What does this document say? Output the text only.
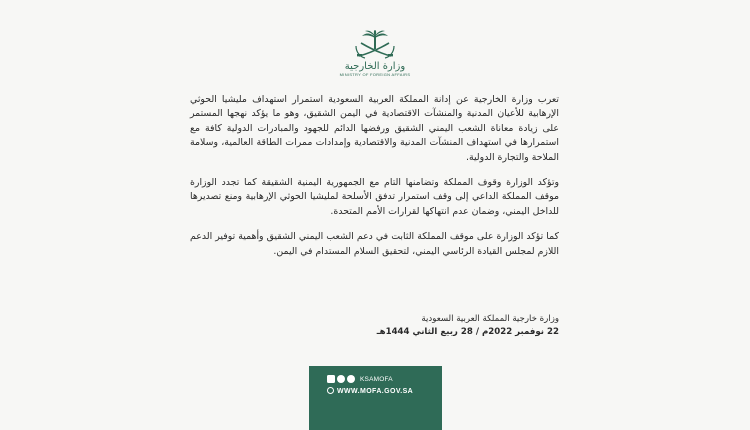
وزارة الخارجية
MINISTRY OF FOREIGN AFFAIRS

تعرب وزارة الخارجية عن إدانة المملكة العربية السعودية استمرار استهداف مليشيا الحوثي الإرهابية للأعيان المدنية والمنشآت الاقتصادية في اليمن الشقيق، وهو ما يؤكد نهجها المستمر على زيادة معاناة الشعب اليمني الشقيق ورفضها الدائم للجهود والمبادرات الدولية كافة مع استمرارها في استهداف المنشآت المدنية والاقتصادية وإمدادات ممرات الطاقة العالمية، وسلامة الملاحة والتجارة الدولية.

وتؤكد الوزارة وقوف المملكة وتضامنها التام مع الجمهورية اليمنية الشقيقة كما تجدد الوزارة موقف المملكة الداعي إلى وقف استمرار تدفق الأسلحة لمليشيا الحوثي الإرهابية ومنع تصديرها للداخل اليمني، وضمان عدم انتهاكها لقرارات الأمم المتحدة.

كما تؤكد الوزارة على موقف المملكة الثابت في دعم الشعب اليمني الشقيق وأهمية توفير الدعم اللازم لمجلس القيادة الرئاسي اليمني، لتحقيق السلام المستدام في اليمن.

وزارة خارجية المملكة العربية السعودية
22 نوفمبر 2022م / 28 ربيع الثاني 1444هـ
KSAMOFA
WWW.MOFA.GOV.SA
